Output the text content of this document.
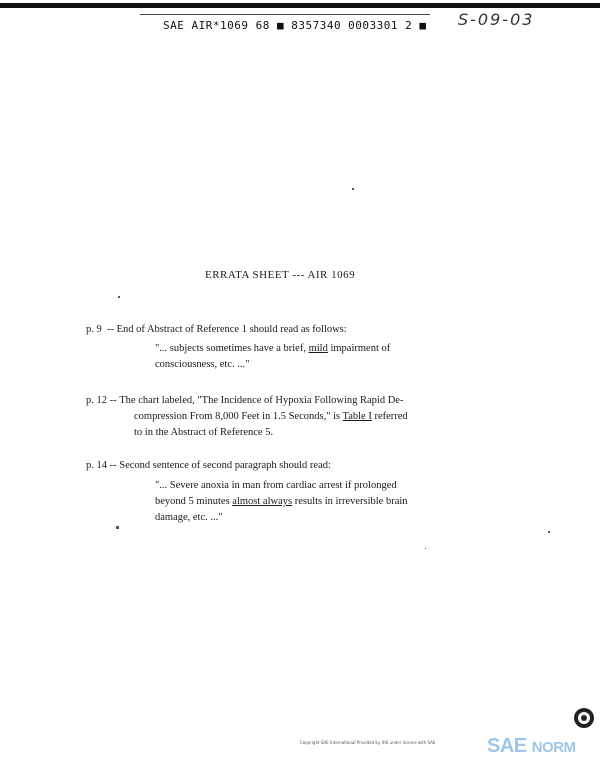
SAE AIR*1069 68 ■ 8357340 0003301 2 ■ S-09-03
ERRATA SHEET --- AIR 1069
p. 9 -- End of Abstract of Reference 1 should read as follows:
"... subjects sometimes have a brief, mild impairment of
consciousness, etc. ..."
p. 12 -- The chart labeled, "The Incidence of Hypoxia Following Rapid De-
compression From 8,000 Feet in 1.5 Seconds," is Table I referred
to in the Abstract of Reference 5.
p. 14 -- Second sentence of second paragraph should read:
"... Severe anoxia in man from cardiac arrest if prolonged
beyond 5 minutes almost always results in irreversible brain
damage, etc. ..."
Copyright SAE International Provided by IHS under license with SAE	SAE NORM
